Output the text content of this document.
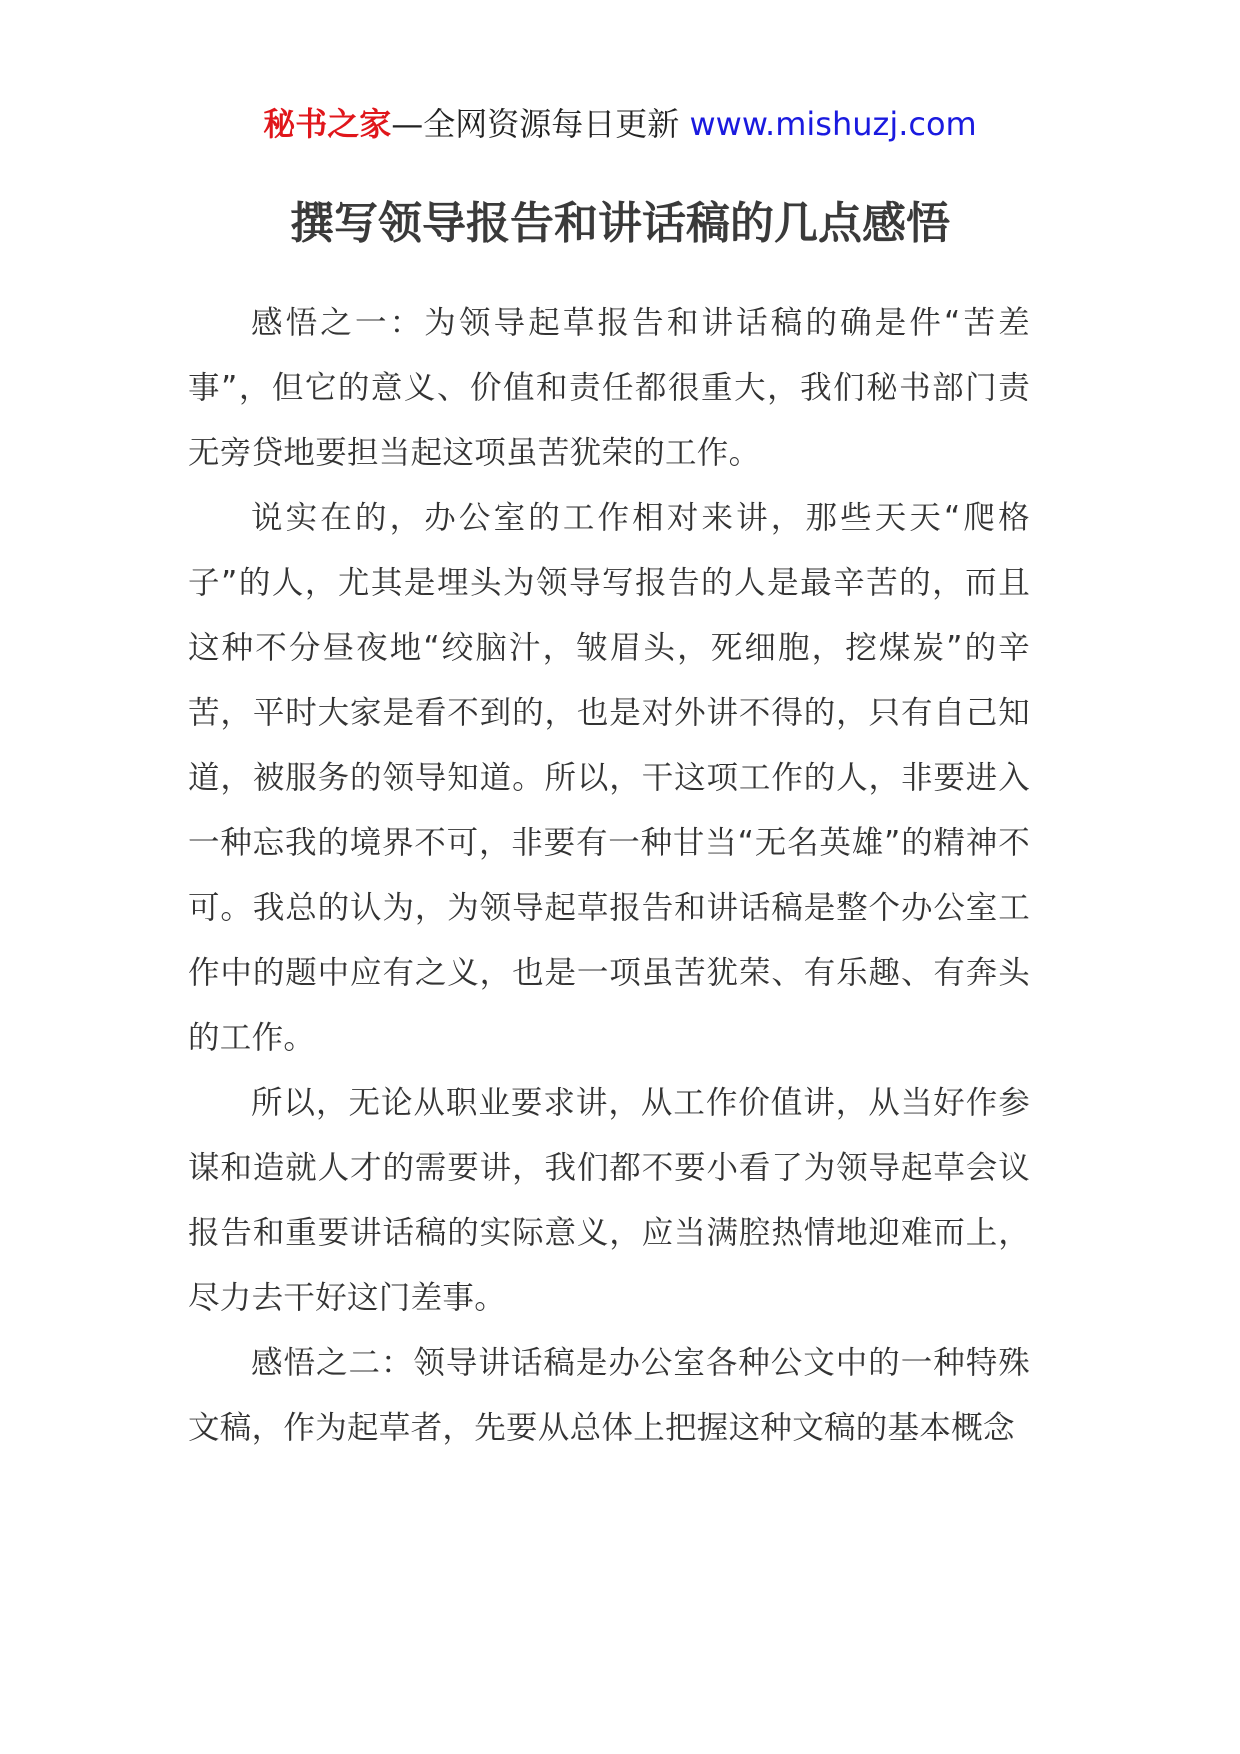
秘书之家—全网资源每日更新 www.mishuzj.com
撰写领导报告和讲话稿的几点感悟

感悟之一：为领导起草报告和讲话稿的确是件“苦差事”，但它的意义、价值和责任都很重大，我们秘书部门责无旁贷地要担当起这项虽苦犹荣的工作。

说实在的，办公室的工作相对来讲，那些天天“爬格子”的人，尤其是埋头为领导写报告的人是最辛苦的，而且这种不分昼夜地“绞脑汁，皱眉头，死细胞，挖煤炭”的辛苦，平时大家是看不到的，也是对外讲不得的，只有自己知道，被服务的领导知道。所以，干这项工作的人，非要进入一种忘我的境界不可，非要有一种甘当“无名英雄”的精神不可。我总的认为，为领导起草报告和讲话稿是整个办公室工作中的题中应有之义，也是一项虽苦犹荣、有乐趣、有奔头的工作。

所以，无论从职业要求讲，从工作价值讲，从当好作参谋和造就人才的需要讲，我们都不要小看了为领导起草会议报告和重要讲话稿的实际意义，应当满腔热情地迎难而上，尽力去干好这门差事。

感悟之二：领导讲话稿是办公室各种公文中的一种特殊文稿，作为起草者，先要从总体上把握这种文稿的基本概念
